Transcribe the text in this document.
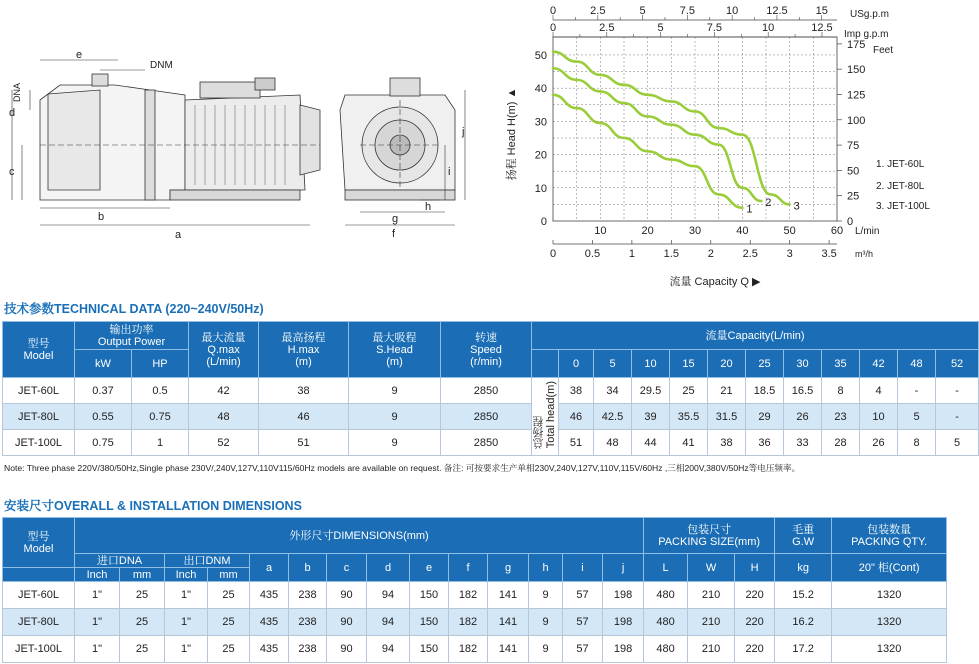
e
DNM
DNA
d
c
b
a
h
g
f
i
j
0
10
20
30
40
50
0
25
50
75
100
125
150
175
10	20	30	40	50	60
0	0.5	1	1.5	2	2.5	3	3.5
0	2.5	5	7.5	10	12.5	15
0	2.5	5	7.5	10	12.5
1
2 3
扬程 Head H(m) ▲
流量 Capacity Q ▶
USg.p.m
Imp g.p.m
Feet
L/min
m³/h
1. JET-60L
2. JET-80L
3. JET-100L
技术参数TECHNICAL DATA (220~240V/50Hz)
型号
Model	输出功率
Output Power		最大流量
Q.max
(L/min)	最高扬程
H.max
(m)	最大吸程
S.Head
(m)	转速
Speed
(r/min)	流量Capacity(L/min)											
	kW	HP						0	5	10	15	20	25	30	35	42	48	52
JET-60L	0.37	0.5	42	38	9	2850	总扬程Total head(m)	38	34	29.5	25	21	18.5	16.5	8	4	-	-
JET-80L	0.55	0.75	48	46	9	2850		46	42.5	39	35.5	31.5	29	26	23	10	5	-
JET-100L	0.75	1	52	51	9	2850		51	48	44	41	38	36	33	28	26	8	5
Note: Three phase 220V/380/50Hz,Single phase 230V/,240V,127V,110V115/60Hz models are available on request. 备注: 可按要求生产单相230V,240V,127V,110V,115V/60Hz ,三相200V,380V/50Hz等电压频率。
安装尺寸OVERALL & INSTALLATION DIMENSIONS
型号
Model	外形尺寸DIMENSIONS(mm)														包装尺寸
PACKING SIZE(mm)			毛重
G.W	包装数量
PACKING QTY.

	进口DNA		出口DNM		a	b	c	d	e	f	g	h	i	j	L	W	H	kg	20" 柜(Cont)
	Inch	mm	Inch	mm															
JET-60L	1"	25	1"	25	435	238	90	94	150	182	141	9	57	198	480	210	220	15.2	1320
JET-80L	1"	25	1"	25	435	238	90	94	150	182	141	9	57	198	480	210	220	16.2	1320
JET-100L	1"	25	1"	25	435	238	90	94	150	182	141	9	57	198	480	210	220	17.2	1320
